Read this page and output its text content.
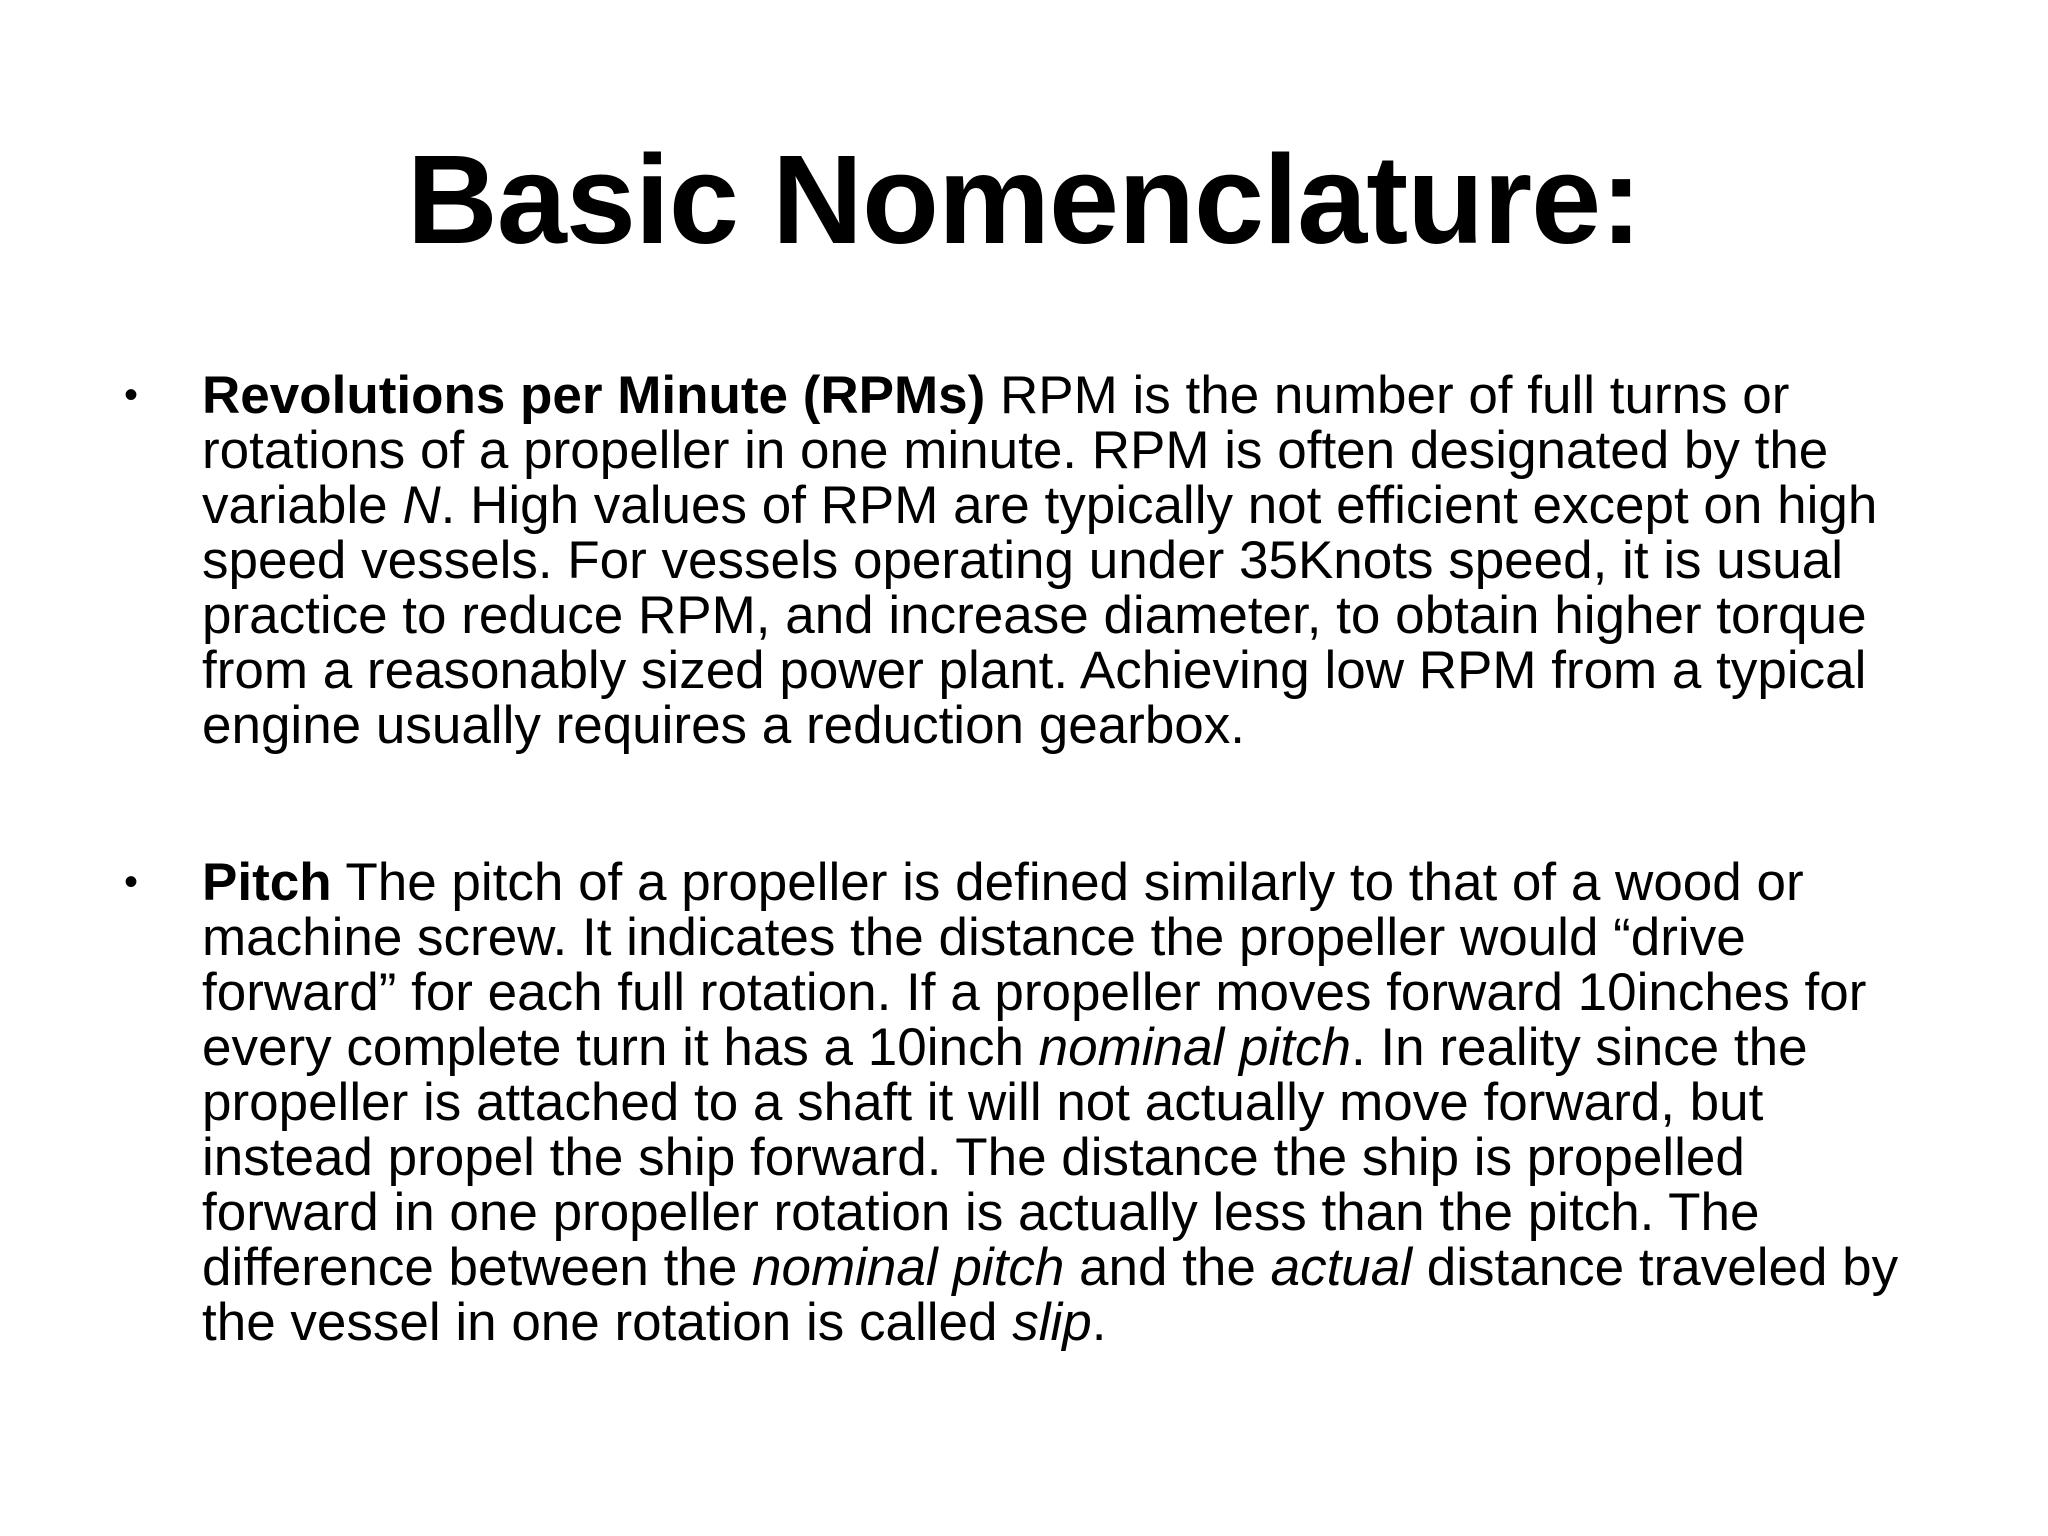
Basic Nomenclature:
• Revolutions per Minute (RPMs) RPM is the number of full turns or rotations of a propeller in one minute. RPM is often designated by the variable N. High values of RPM are typically not efficient except on high speed vessels. For vessels operating under 35Knots speed, it is usual practice to reduce RPM, and increase diameter, to obtain higher torque from a reasonably sized power plant. Achieving low RPM from a typical engine usually requires a reduction gearbox.
• Pitch The pitch of a propeller is defined similarly to that of a wood or machine screw. It indicates the distance the propeller would “drive forward” for each full rotation. If a propeller moves forward 10inches for every complete turn it has a 10inch nominal pitch. In reality since the propeller is attached to a shaft it will not actually move forward, but instead propel the ship forward. The distance the ship is propelled forward in one propeller rotation is actually less than the pitch. The difference between the nominal pitch and the actual distance traveled by the vessel in one rotation is called slip.
